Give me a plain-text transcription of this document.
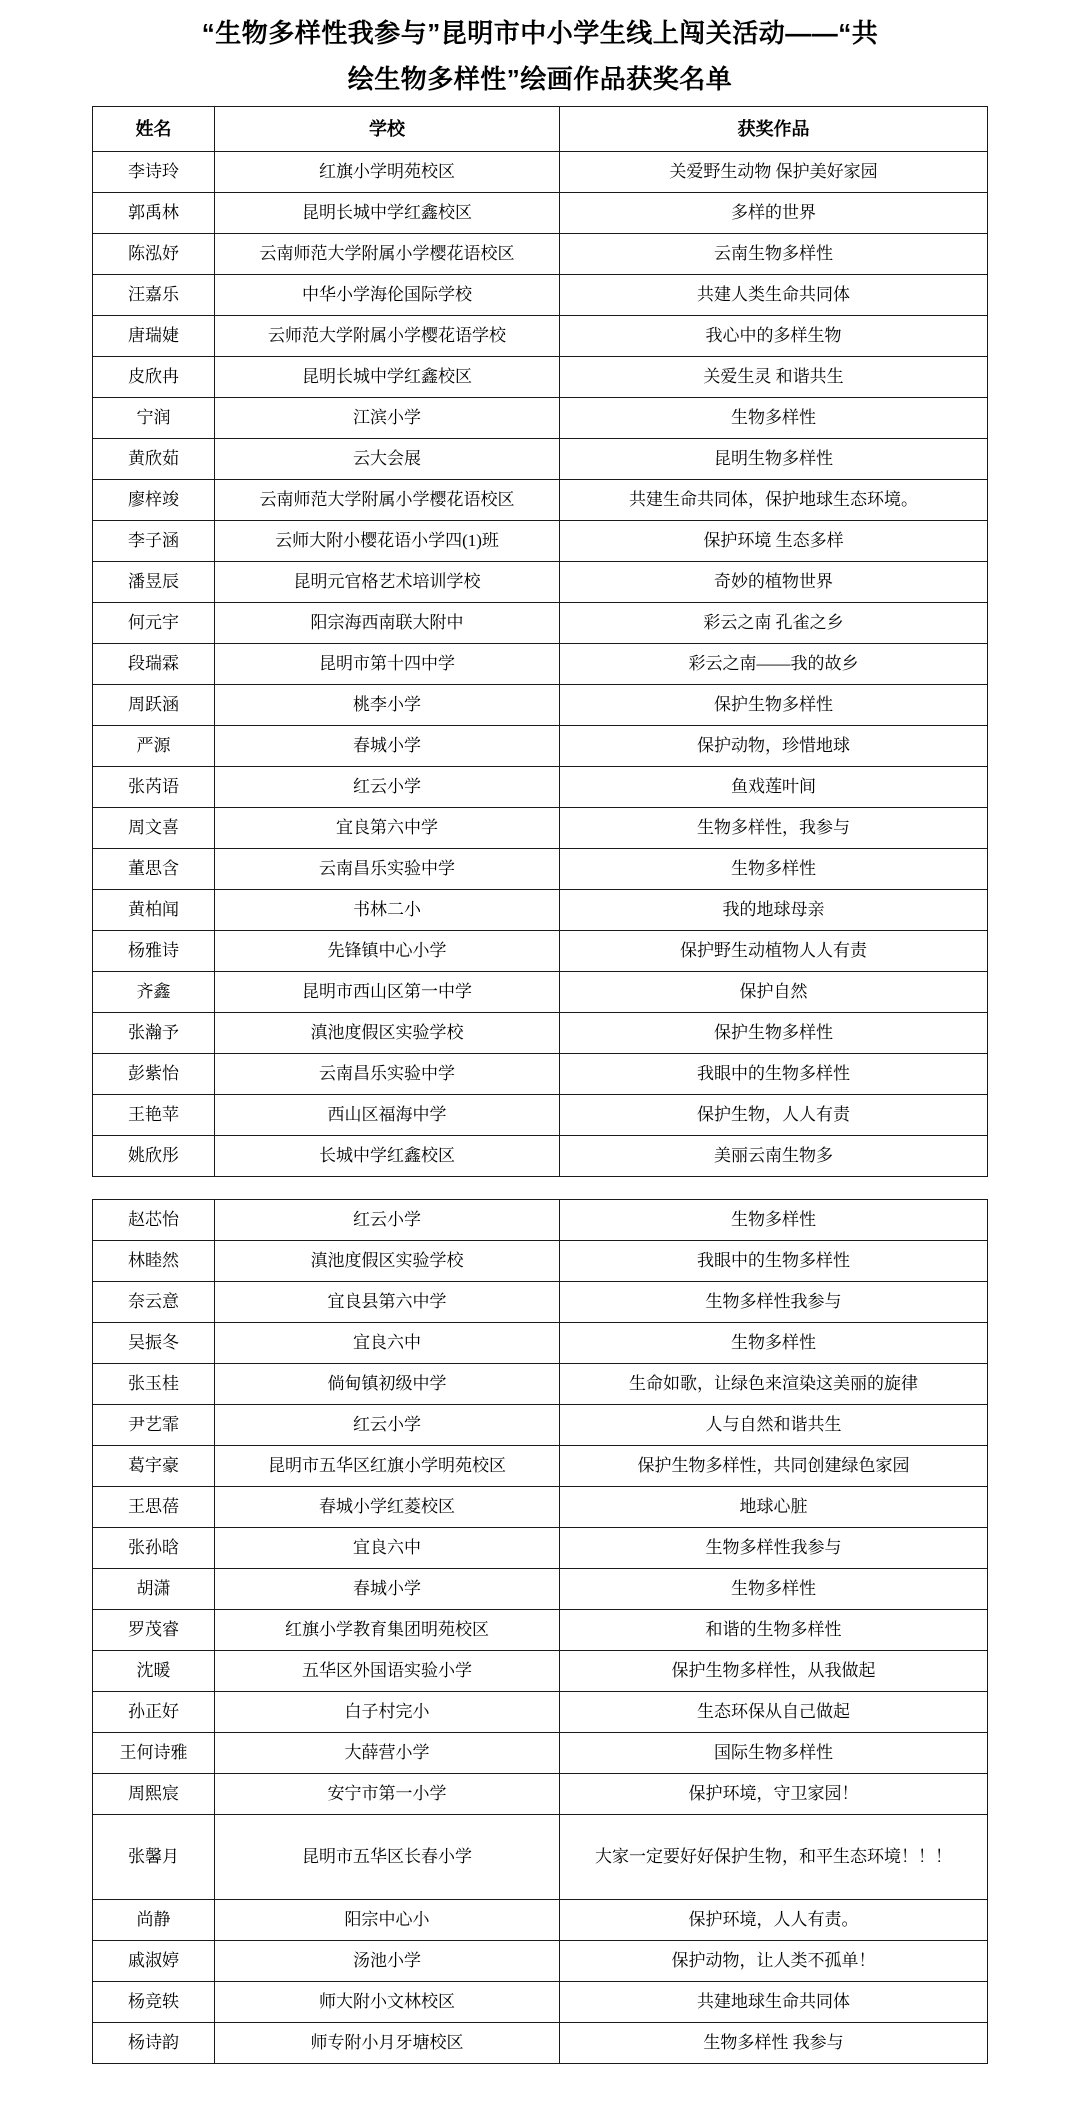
“生物多样性我参与”昆明市中小学生线上闯关活动——“共
绘生物多样性”绘画作品获奖名单
姓名	学校	获奖作品
李诗玲	红旗小学明苑校区	关爱野生动物 保护美好家园
郭禹林	昆明长城中学红鑫校区	多样的世界
陈泓妤	云南师范大学附属小学樱花语校区	云南生物多样性
汪嘉乐	中华小学海伦国际学校	共建人类生命共同体
唐瑞婕	云师范大学附属小学樱花语学校	我心中的多样生物
皮欣冉	昆明长城中学红鑫校区	关爱生灵 和谐共生
宁润	江滨小学	生物多样性
黄欣茹	云大会展	昆明生物多样性
廖梓竣	云南师范大学附属小学樱花语校区	共建生命共同体，保护地球生态环境。
李子涵	云师大附小樱花语小学四(1)班	保护环境 生态多样
潘昱辰	昆明元官格艺术培训学校	奇妙的植物世界
何元宇	阳宗海西南联大附中	彩云之南 孔雀之乡
段瑞霖	昆明市第十四中学	彩云之南——我的故乡
周跃涵	桃李小学	保护生物多样性
严源	春城小学	保护动物，珍惜地球
张芮语	红云小学	鱼戏莲叶间
周文喜	宜良第六中学	生物多样性，我参与
董思含	云南昌乐实验中学	生物多样性
黄柏闻	书林二小	我的地球母亲
杨雅诗	先锋镇中心小学	保护野生动植物人人有责
齐鑫	昆明市西山区第一中学	保护自然
张瀚予	滇池度假区实验学校	保护生物多样性
彭紫怡	云南昌乐实验中学	我眼中的生物多样性
王艳苹	西山区福海中学	保护生物，人人有责
姚欣彤	长城中学红鑫校区	美丽云南生物多
赵芯怡	红云小学	生物多样性
林睦然	滇池度假区实验学校	我眼中的生物多样性
奈云意	宜良县第六中学	生物多样性我参与
吴振冬	宜良六中	生物多样性
张玉桂	倘甸镇初级中学	生命如歌，让绿色来渲染这美丽的旋律
尹艺霏	红云小学	人与自然和谐共生
葛宇豪	昆明市五华区红旗小学明苑校区	保护生物多样性，共同创建绿色家园
王思蓓	春城小学红菱校区	地球心脏
张孙晗	宜良六中	生物多样性我参与
胡潇	春城小学	生物多样性
罗茂睿	红旗小学教育集团明苑校区	和谐的生物多样性
沈暖	五华区外国语实验小学	保护生物多样性，从我做起
孙正好	白子村完小	生态环保从自己做起
王何诗雅	大薛营小学	国际生物多样性
周熙宸	安宁市第一小学	保护环境，守卫家园！
张馨月	昆明市五华区长春小学	大家一定要好好保护生物，和平生态环境！！！
尚静	阳宗中心小	保护环境，人人有责。
戚淑婷	汤池小学	保护动物，让人类不孤单！
杨竞轶	师大附小文林校区	共建地球生命共同体
杨诗韵	师专附小月牙塘校区	生物多样性 我参与
